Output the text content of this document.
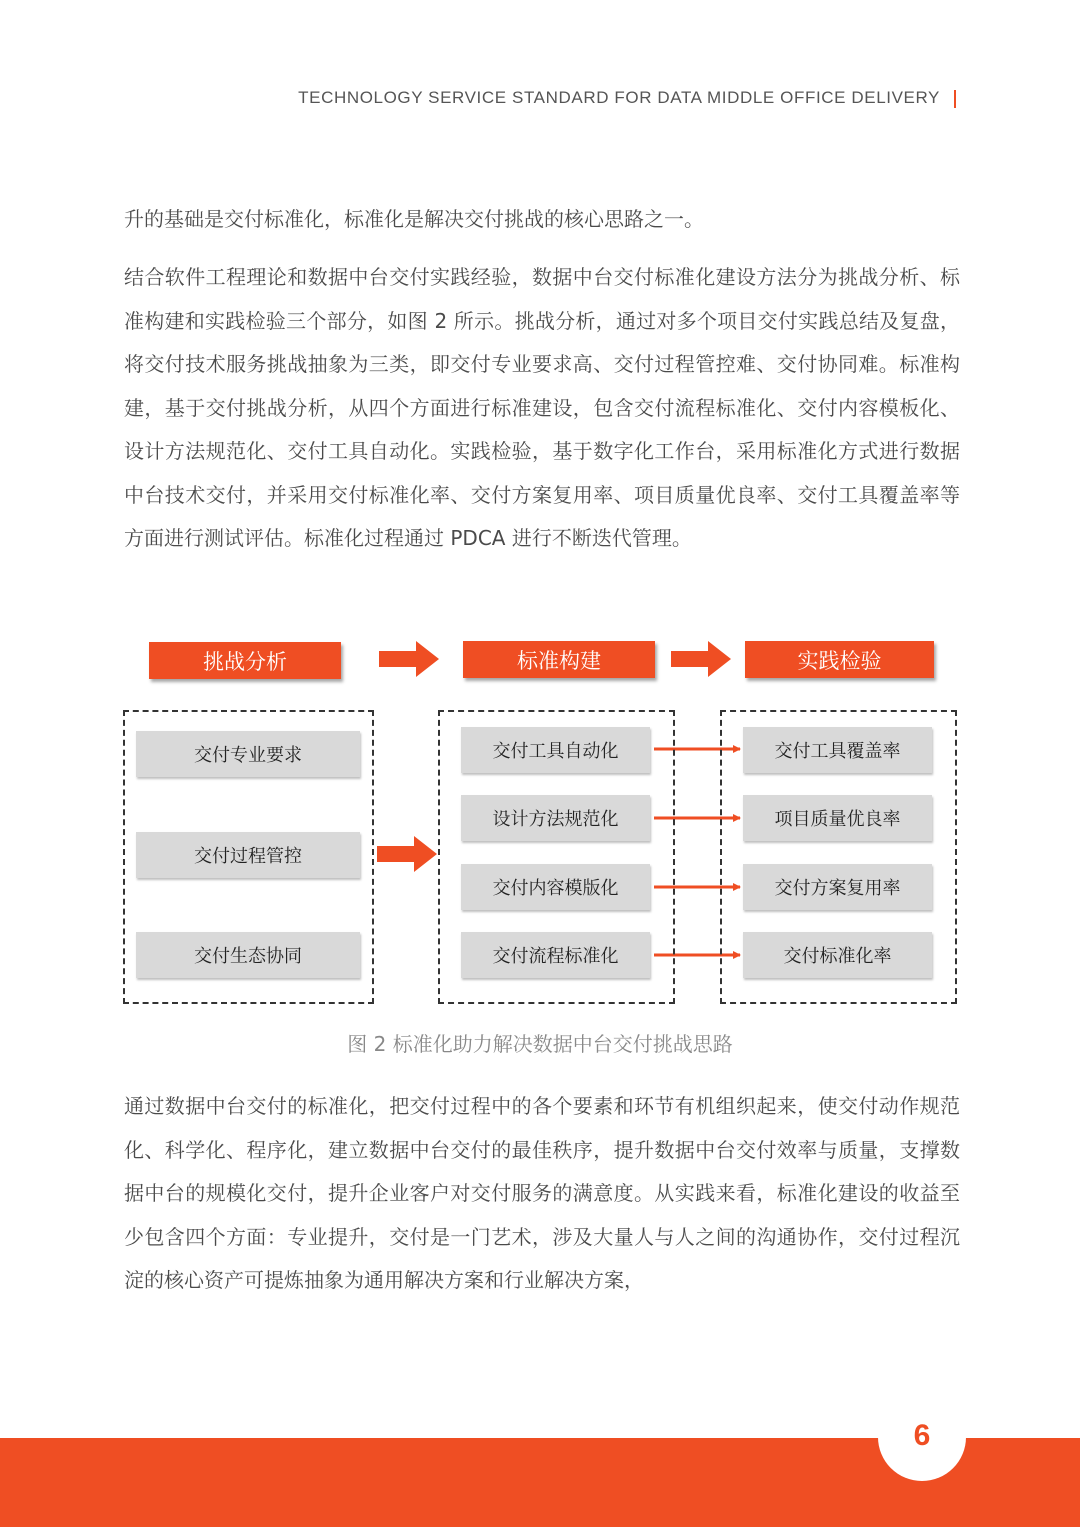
TECHNOLOGY SERVICE STANDARD FOR DATA MIDDLE OFFICE DELIVERY

升的基础是交付标准化，标准化是解决交付挑战的核心思路之一。

结合软件工程理论和数据中台交付实践经验，数据中台交付标准化建设方法分为挑战分析、标准构建和实践检验三个部分，如图 2 所示。挑战分析，通过对多个项目交付实践总结及复盘，将交付技术服务挑战抽象为三类，即交付专业要求高、交付过程管控难、交付协同难。标准构建，基于交付挑战分析，从四个方面进行标准建设，包含交付流程标准化、交付内容模板化、设计方法规范化、交付工具自动化。实践检验，基于数字化工作台，采用标准化方式进行数据中台技术交付，并采用交付标准化率、交付方案复用率、项目质量优良率、交付工具覆盖率等方面进行测试评估。标准化过程通过 PDCA 进行不断迭代管理。

挑战分析	标准构建	实践检验
交付专业要求
交付过程管控
交付生态协同
交付工具自动化
设计方法规范化
交付内容模版化
交付流程标准化
交付工具覆盖率
项目质量优良率
交付方案复用率
交付标准化率
图 2 标准化助力解决数据中台交付挑战思路

通过数据中台交付的标准化，把交付过程中的各个要素和环节有机组织起来，使交付动作规范化、科学化、程序化，建立数据中台交付的最佳秩序，提升数据中台交付效率与质量，支撑数据中台的规模化交付，提升企业客户对交付服务的满意度。从实践来看，标准化建设的收益至少包含四个方面：专业提升，交付是一门艺术，涉及大量人与人之间的沟通协作，交付过程沉淀的核心资产可提炼抽象为通用解决方案和行业解决方案，

6
